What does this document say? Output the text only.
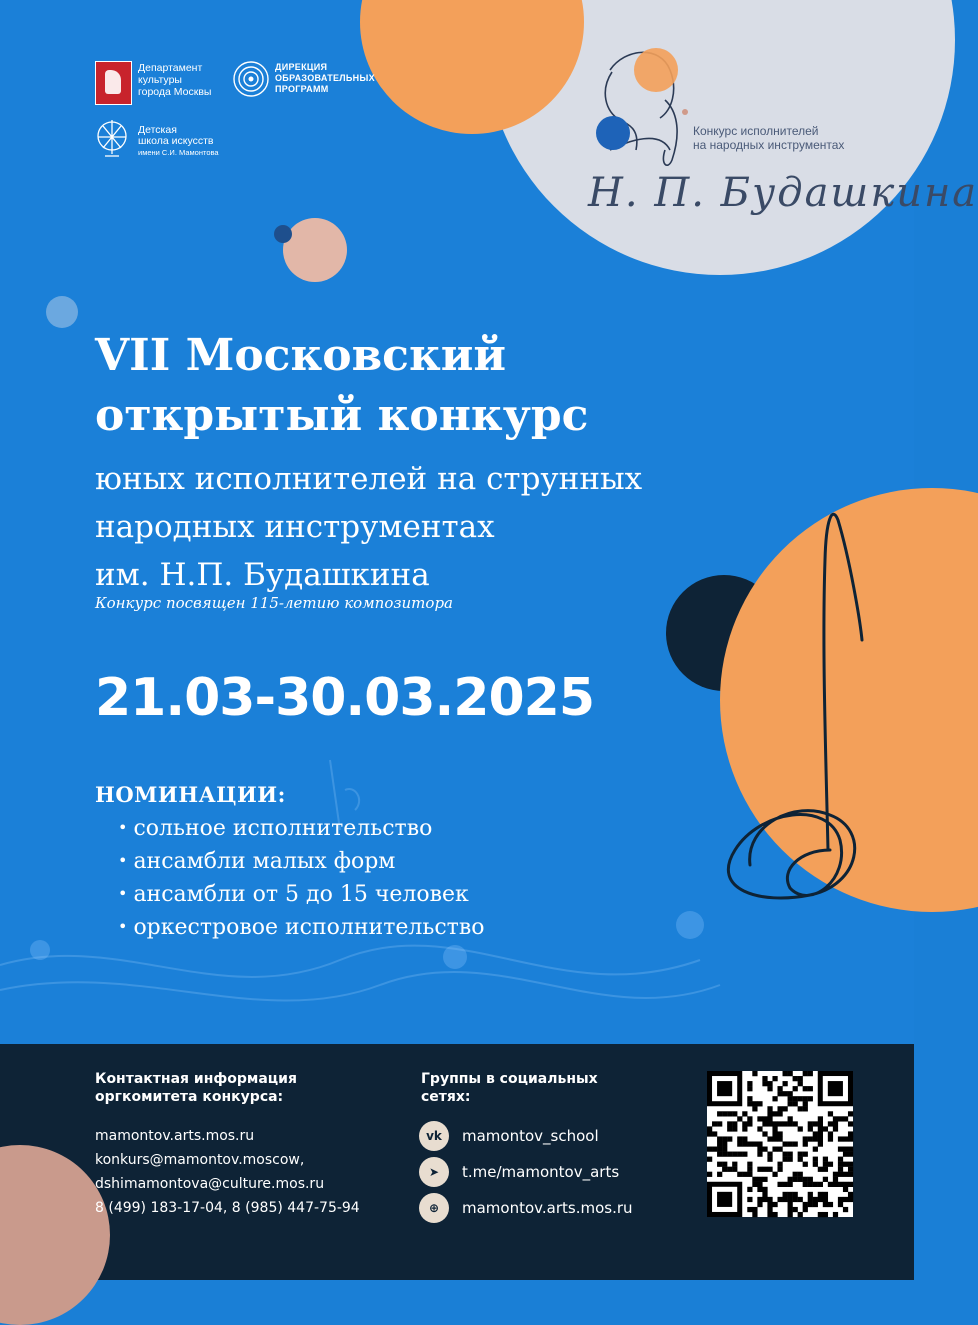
Департамент
культуры
города Москвы
ДИРЕКЦИЯ
ОБРАЗОВАТЕЛЬНЫХ
ПРОГРАММ
Детская
школа искусств
имени С.И. Мамонтова
Конкурс исполнителей
на народных инструментах
Н. П. Будашкина
VII Московский
открытый конкурс
юных исполнителей на струнных
народных инструментах
им. Н.П. Будашкина
Конкурс посвящен 115-летию композитора
21.03-30.03.2025
НОМИНАЦИИ:
• сольное исполнительство
• ансамбли малых форм
• ансамбли от 5 до 15 человек
• оркестровое исполнительство
Контактная информация
оргкомитета конкурса:
mamontov.arts.mos.ru
konkurs@mamontov.moscow,
dshimamontova@culture.mos.ru
8 (499) 183-17-04, 8 (985) 447-75-94
Группы в социальных
сетях:
vk	mamontov_school
➤	t.me/mamontov_arts
⊕	mamontov.arts.mos.ru
